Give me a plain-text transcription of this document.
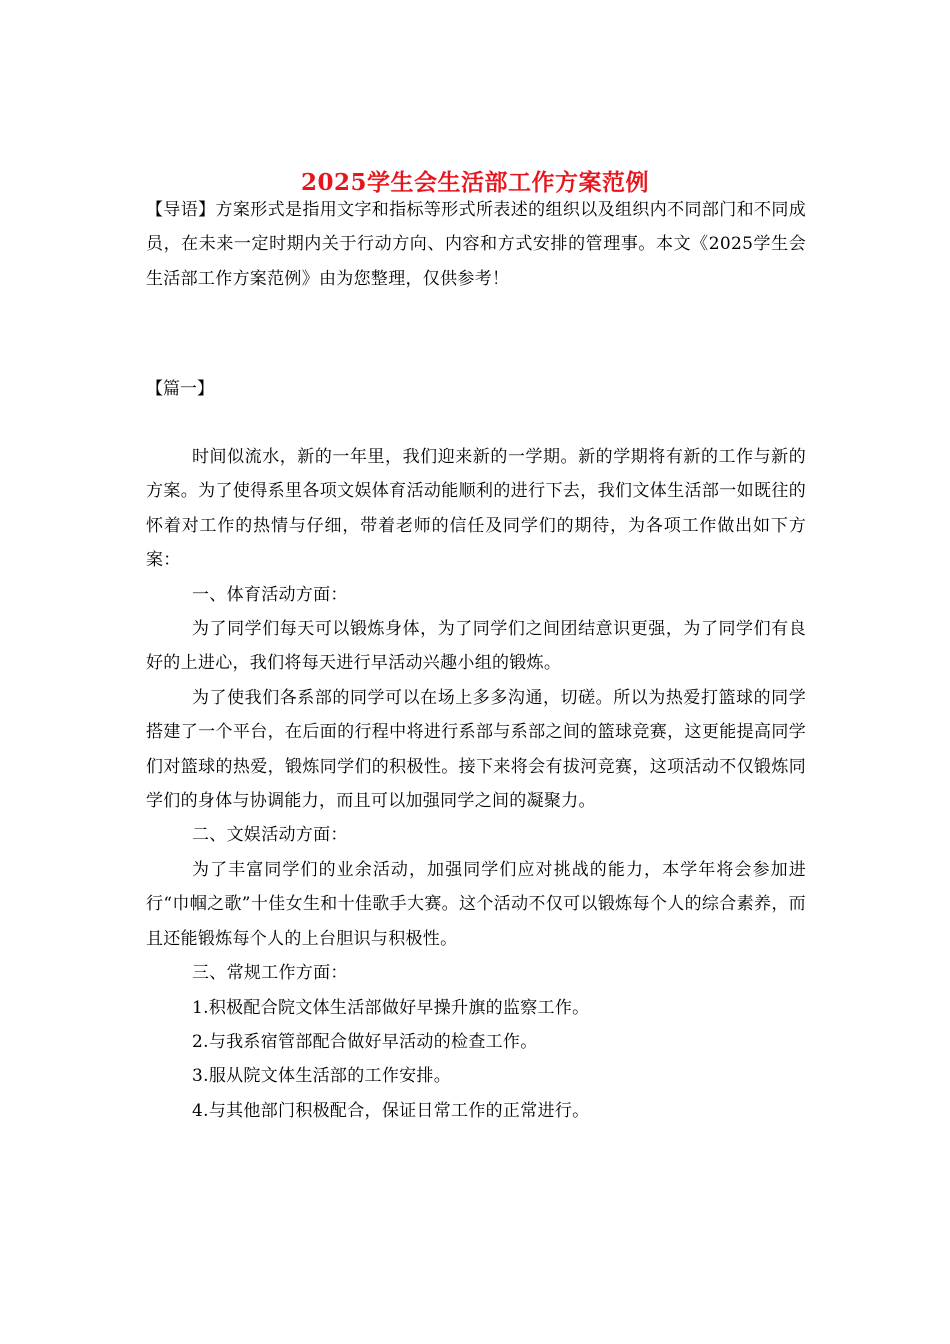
2025学生会生活部工作方案范例

【导语】方案形式是指用文字和指标等形式所表述的组织以及组织内不同部门和不同成员，在未来一定时期内关于行动方向、内容和方式安排的管理事。本文《2025学生会生活部工作方案范例》由为您整理，仅供参考！

【篇一】

时间似流水，新的一年里，我们迎来新的一学期。新的学期将有新的工作与新的方案。为了使得系里各项文娱体育活动能顺利的进行下去，我们文体生活部一如既往的怀着对工作的热情与仔细，带着老师的信任及同学们的期待，为各项工作做出如下方案：

一、体育活动方面：

为了同学们每天可以锻炼身体，为了同学们之间团结意识更强，为了同学们有良好的上进心，我们将每天进行早活动兴趣小组的锻炼。

为了使我们各系部的同学可以在场上多多沟通，切磋。所以为热爱打篮球的同学搭建了一个平台，在后面的行程中将进行系部与系部之间的篮球竞赛，这更能提高同学们对篮球的热爱，锻炼同学们的积极性。接下来将会有拔河竞赛，这项活动不仅锻炼同学们的身体与协调能力，而且可以加强同学之间的凝聚力。

二、文娱活动方面：

为了丰富同学们的业余活动，加强同学们应对挑战的能力，本学年将会参加进行“巾帼之歌”十佳女生和十佳歌手大赛。这个活动不仅可以锻炼每个人的综合素养，而且还能锻炼每个人的上台胆识与积极性。

三、常规工作方面：

1.积极配合院文体生活部做好早操升旗的监察工作。

2.与我系宿管部配合做好早活动的检查工作。

3.服从院文体生活部的工作安排。

4.与其他部门积极配合，保证日常工作的正常进行。
